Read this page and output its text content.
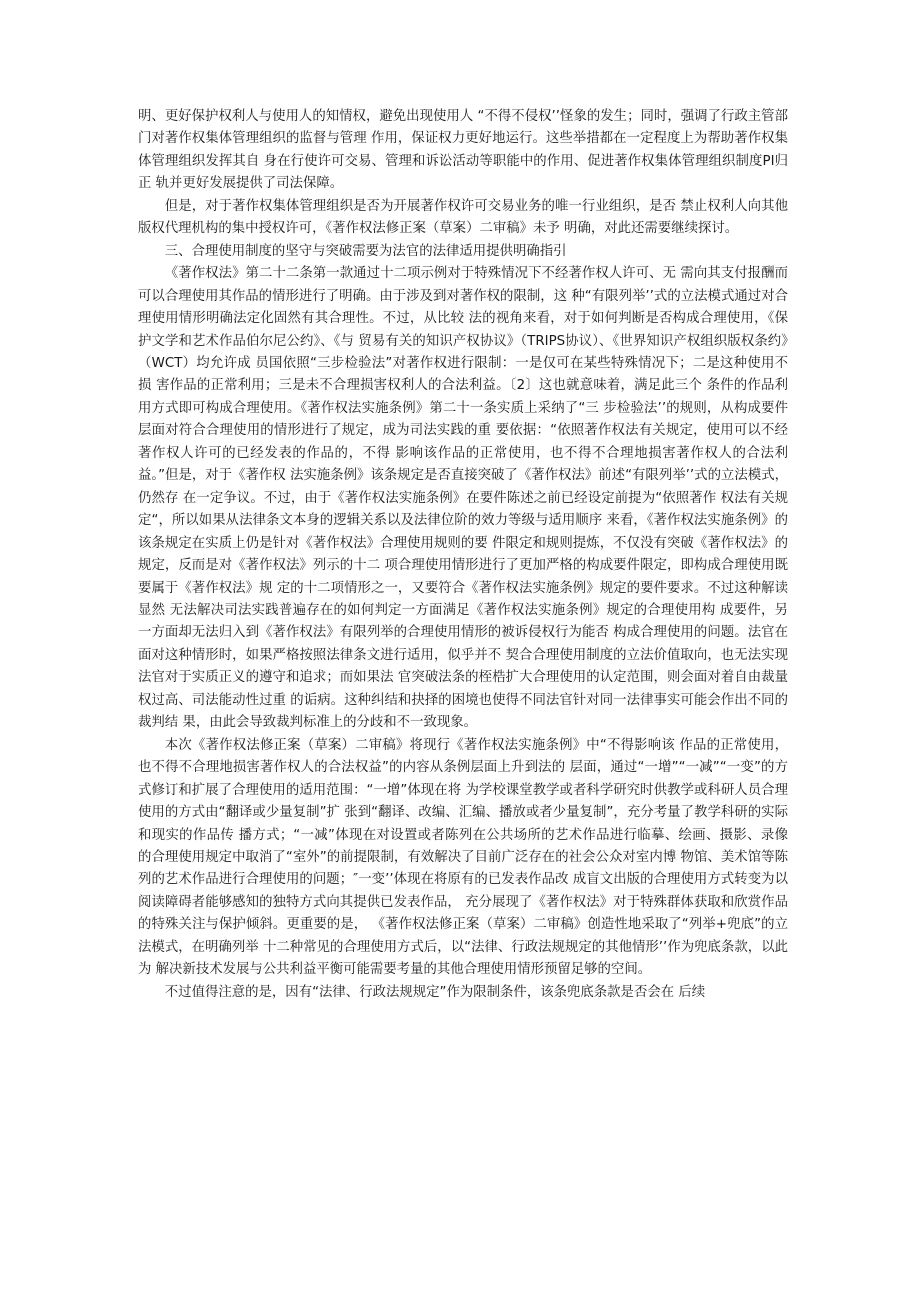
明、更好保护权利人与使用人的知情权，避免出现使用人 “不得不侵权’’怪象的发生；同时，强调了行政主管部门对著作权集体管理组织的监督与管理 作用，保证权力更好地运行。这些举措都在一定程度上为帮助著作权集体管理组织发挥其自 身在行使许可交易、管理和诉讼活动等职能中的作用、促进著作权集体管理组织制度PI归正 轨并更好发展提供了司法保障。

但是，对于著作权集体管理组织是否为开展著作权许可交易业务的唯一行业组织，是否 禁止权利人向其他版权代理机构的集中授权许可，《著作权法修正案（草案）二审稿》未予 明确，对此还需要继续探讨。

三、合理使用制度的坚守与突破需要为法官的法律适用提供明确指引

《著作权法》第二十二条第一款通过十二项示例对于特殊情况下不经著作权人许可、无 需向其支付报酬而可以合理使用其作品的情形进行了明确。由于涉及到对著作权的限制，这 种“有限列举’’式的立法模式通过对合理使用情形明确法定化固然有其合理性。不过，从比较 法的视角来看，对于如何判断是否构成合理使用，《保护文学和艺术作品伯尔尼公约》、《与 贸易有关的知识产权协议》（TRIPS协议）、《世界知识产权组织版权条约》（WCT）均允许成 员国依照“三步检验法”对著作权进行限制：一是仅可在某些特殊情况下；二是这种使用不损 害作品的正常利用；三是未不合理损害权利人的合法利益。〔2〕这也就意味着，满足此三个 条件的作品利用方式即可构成合理使用。《著作权法实施条例》第二十一条实质上采纳了“三 步检验法’’的规则，从构成要件层面对符合合理使用的情形进行了规定，成为司法实践的重 要依据：“依照著作权法有关规定，使用可以不经著作权人许可的已经发表的作品的，不得 影响该作品的正常使用，也不得不合理地损害著作权人的合法利益。”但是，对于《著作权 法实施条例》该条规定是否直接突破了《著作权法》前述“有限列举’’式的立法模式，仍然存 在一定争议。不过，由于《著作权法实施条例》在要件陈述之前已经设定前提为“依照著作 权法有关规定“，所以如果从法律条文本身的逻辑关系以及法律位阶的效力等级与适用顺序 来看，《著作权法实施条例》的该条规定在实质上仍是针对《著作权法》合理使用规则的要 件限定和规则提炼，不仅没有突破《著作权法》的规定，反而是对《著作权法》列示的十二 项合理使用情形进行了更加严格的构成要件限定，即构成合理使用既要属于《著作权法》规 定的十二项情形之一，又要符合《著作权法实施条例》规定的要件要求。不过这种解读显然 无法解决司法实践普遍存在的如何判定一方面满足《著作权法实施条例》规定的合理使用构 成要件，另一方面却无法归入到《著作权法》有限列举的合理使用情形的被诉侵权行为能否 构成合理使用的问题。法官在面对这种情形时，如果严格按照法律条文进行适用，似乎并不 契合合理使用制度的立法价值取向，也无法实现法官对于实质正义的遵守和追求；而如果法 官突破法条的桎梏扩大合理使用的认定范围，则会面对着自由裁量权过高、司法能动性过重 的诟病。这种纠结和抉择的困境也使得不同法官针对同一法律事实可能会作出不同的裁判结 果，由此会导致裁判标准上的分歧和不一致现象。

本次《著作权法修正案（草案）二审稿》将现行《著作权法实施条例》中“不得影响该 作品的正常使用，也不得不合理地损害著作权人的合法权益”的内容从条例层面上升到法的 层面，通过“一增”“一减”“一变”的方式修订和扩展了合理使用的适用范围：“一增”体现在将 为学校课堂教学或者科学研究时供教学或科研人员合理使用的方式由“翻译或少量复制”扩 张到“翻译、改编、汇编、播放或者少量复制”，充分考量了教学科研的实际和现实的作品传 播方式；“一减”体现在对设置或者陈列在公共场所的艺术作品进行临摹、绘画、摄影、录像 的合理使用规定中取消了“室外”的前提限制，有效解决了目前广泛存在的社会公众对室内博 物馆、美术馆等陈列的艺术作品进行合理使用的问题；″一变’’体现在将原有的已发表作品改 成盲文出版的合理使用方式转变为以阅读障碍者能够感知的独特方式向其提供已发表作品， 充分展现了《著作权法》对于特殊群体获取和欣赏作品的特殊关注与保护倾斜。更重要的是， 《著作权法修正案（草案）二审稿》创造性地采取了“列举+兜底”的立法模式，在明确列举 十二种常见的合理使用方式后，以“法律、行政法规规定的其他情形’’作为兜底条款，以此为 解决新技术发展与公共利益平衡可能需要考量的其他合理使用情形预留足够的空间。

不过值得注意的是，因有“法律、行政法规规定”作为限制条件，该条兜底条款是否会在 后续
